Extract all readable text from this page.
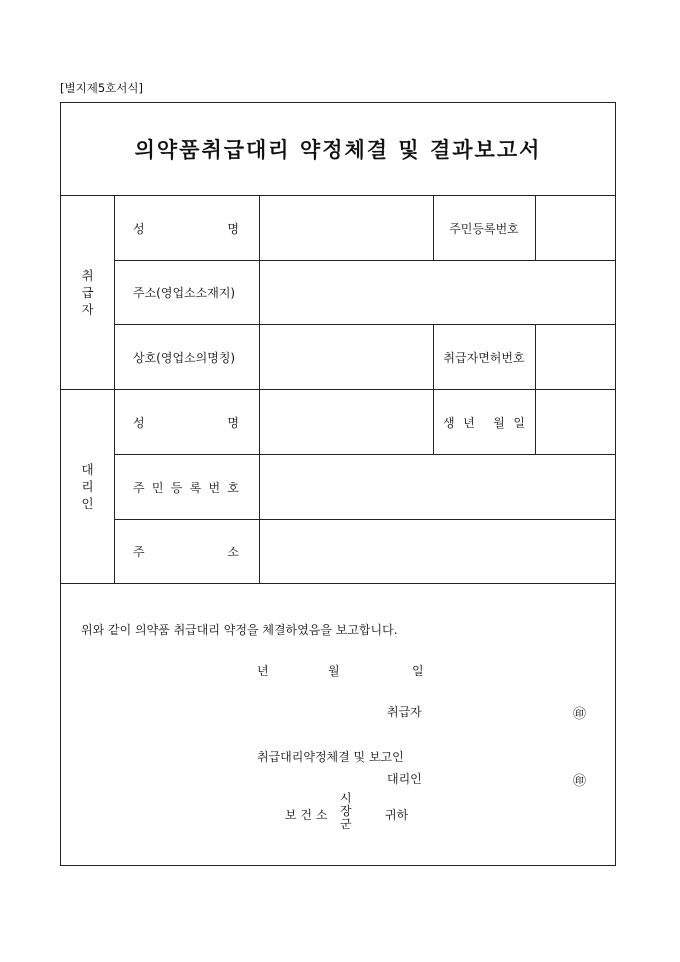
[별지제5호서식]
의약품취급대리 약정체결 및 결과보고서
취
급
자
성	명	주민등록번호
주소(영업소소재지)
상호(영업소의명칭)	취급자면허번호
대
리
인
성	명	생 년 월 일
주 민 등 록 번 호
주	소
위와 같이 의약품 취급대리 약정을 체결하였음을 보고합니다.
년	월	일
취급자	㊞
취급대리약정체결 및 보고인
대리인	㊞
보 건 소
시
장
군
귀하
